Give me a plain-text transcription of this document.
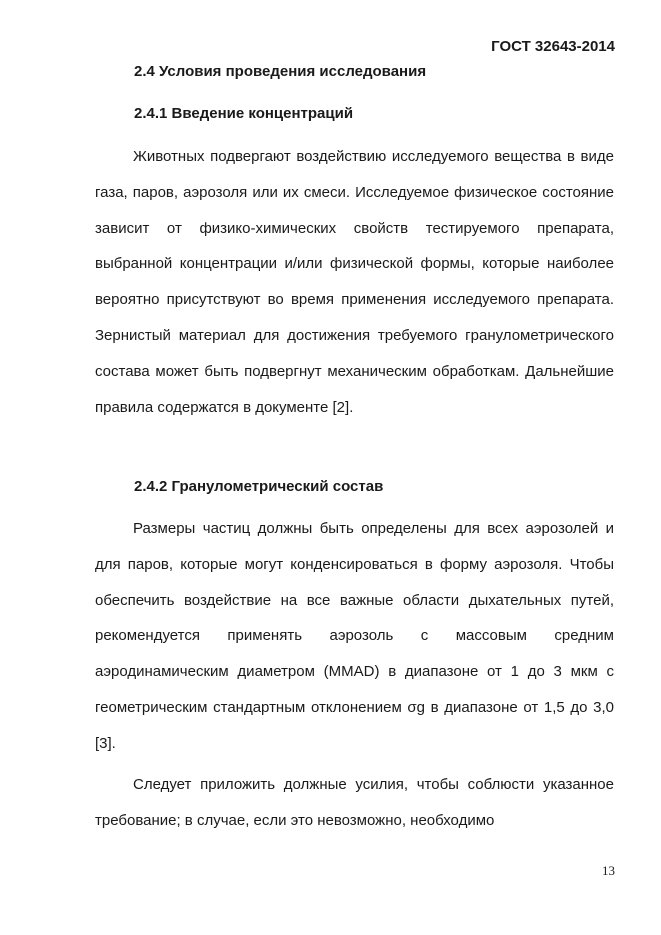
ГОСТ 32643-2014
2.4 Условия проведения исследования
2.4.1 Введение концентраций

Животных подвергают воздействию исследуемого вещества в виде газа, паров, аэрозоля или их смеси. Исследуемое физическое состояние зависит от физико-химических свойств тестируемого препарата, выбранной концентрации и/или физической формы, которые наиболее вероятно присутствуют во время применения исследуемого препарата. Зернистый материал для достижения требуемого гранулометрического состава может быть подвергнут механическим обработкам. Дальнейшие правила содержатся в документе [2].

2.4.2 Гранулометрический состав

Размеры частиц должны быть определены для всех аэрозолей и для паров, которые могут конденсироваться в форму аэрозоля. Чтобы обеспечить воздействие на все важные области дыхательных путей, рекомендуется применять аэрозоль с массовым средним аэродинамическим диаметром (MMAD) в диапазоне от 1 до 3 мкм с геометрическим стандартным отклонением σg в диапазоне от 1,5 до 3,0 [3].

Следует приложить должные усилия, чтобы соблюсти указанное требование; в случае, если это невозможно, необходимо

13
